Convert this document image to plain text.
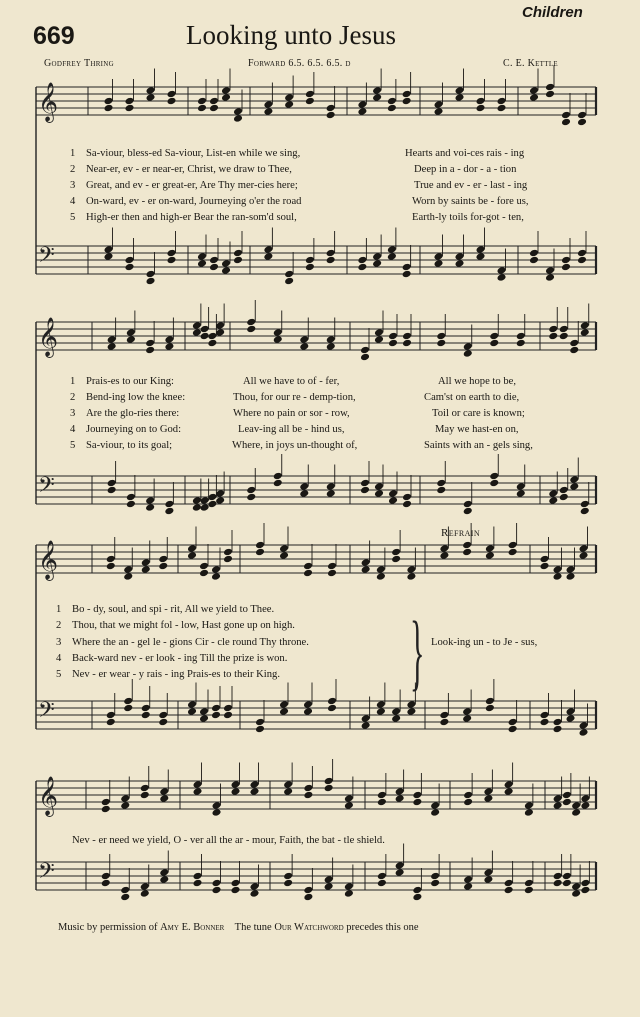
669	Looking unto Jesus
Children
Godfrey Thring	Forward 6.5. 6.5. 6.5. d	C. E. Kettle
𝄞
𝄢
𝄞
𝄢
𝄞
𝄢
𝄞
𝄢
1 Sa-viour, bless-ed Sa-viour, List-en while we sing,	Hearts and voi-ces rais - ing
2 Near-er, ev - er near-er, Christ, we draw to Thee,	Deep in a - dor - a - tion
3 Great, and ev - er great-er, Are Thy mer-cies here;	True and ev - er - last - ing
4 On-ward, ev - er on-ward, Journeying o'er the road	Worn by saints be - fore us,
5 High-er then and high-er Bear the ran-som'd soul,	Earth-ly toils for-got - ten,
1 Prais-es to our King:	All we have to of - fer,	All we hope to be,
2 Bend-ing low the knee:	Thou, for our re - demp-tion,	Cam'st on earth to die,
3 Are the glo-ries there:	Where no pain or sor - row,	Toil or care is known;
4 Journeying on to God:	Leav-ing all be - hind us,	May we hast-en on,
5 Sa-viour, to its goal;	Where, in joys un-thought of,	Saints with an - gels sing,
Refrain
1 Bo - dy, soul, and spi - rit, All we yield to Thee.
2 Thou, that we might fol - low, Hast gone up on high.
3 Where the an - gel le - gions Cir - cle round Thy throne.
4 Back-ward nev - er look - ing Till the prize is won.
5 Nev - er wear - y rais - ing Prais-es to their King. } Look-ing un - to Je - sus,
Nev - er need we yield, O - ver all the ar - mour, Faith, the bat - tle shield.
Music by permission of Amy E. Bonner The tune Our Watchword precedes this one
